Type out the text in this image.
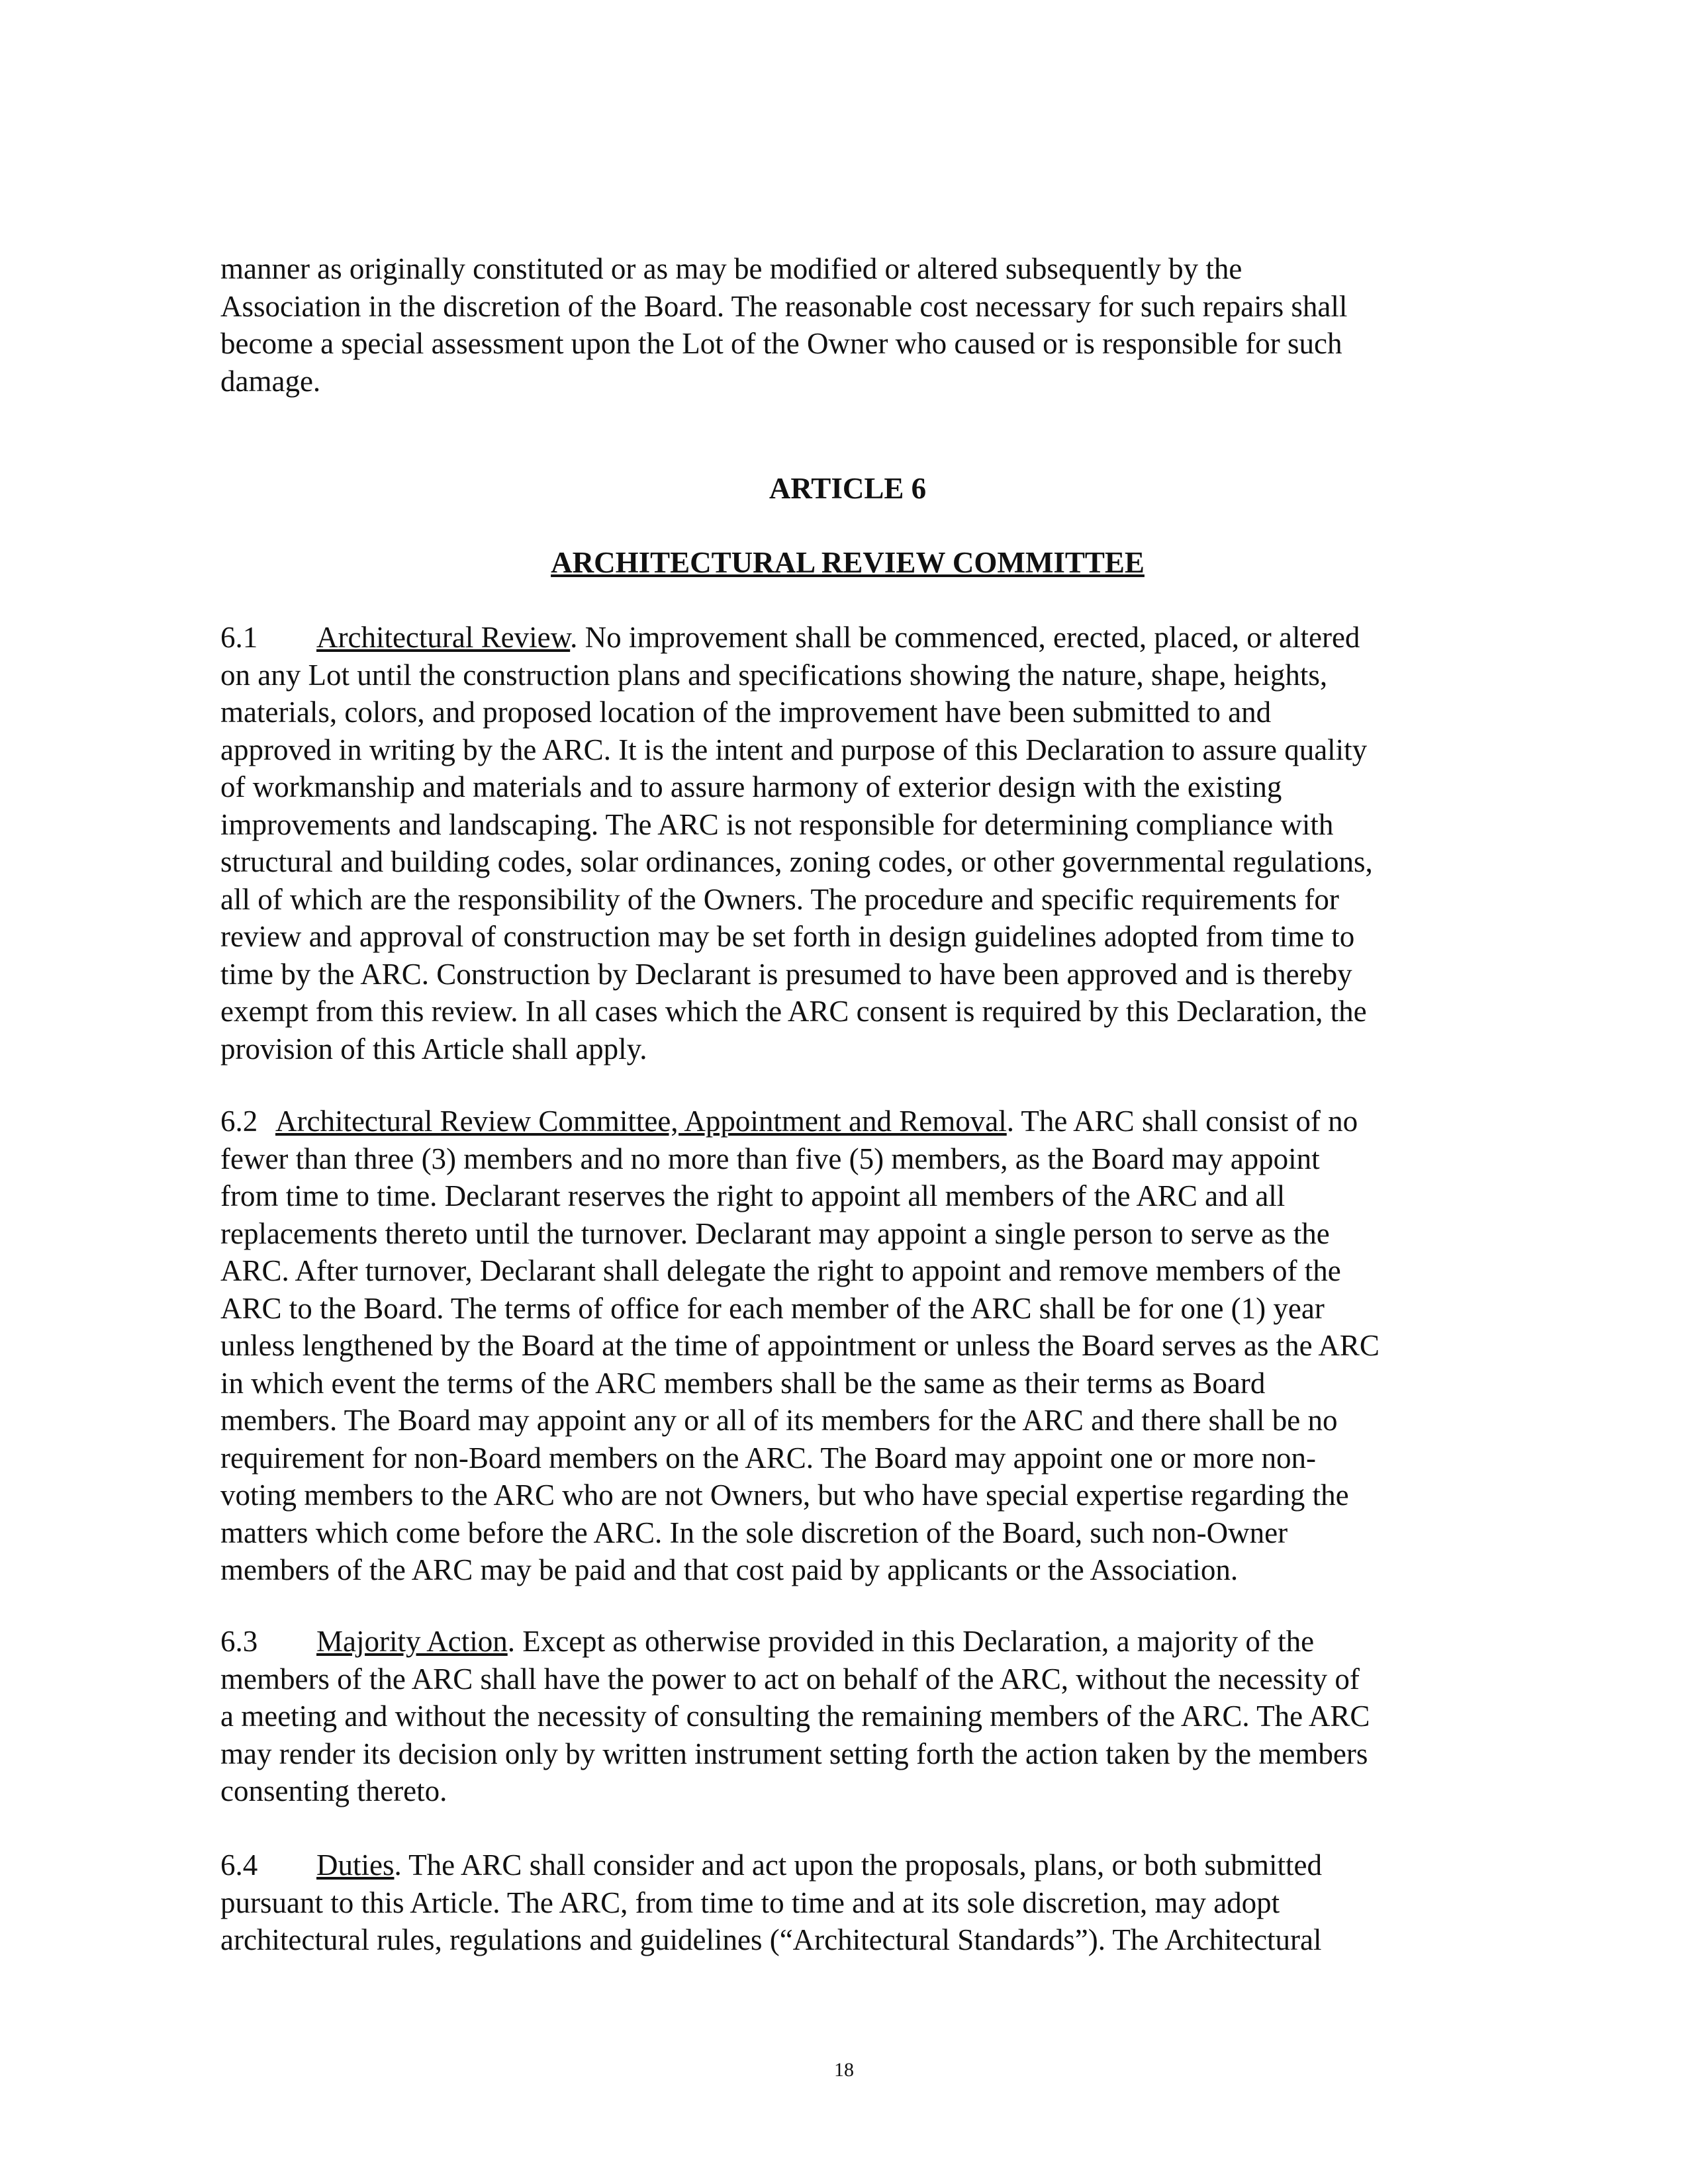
manner as originally constituted or as may be modified or altered subsequently by the
Association in the discretion of the Board. The reasonable cost necessary for such repairs shall
become a special assessment upon the Lot of the Owner who caused or is responsible for such
damage.
ARTICLE 6
ARCHITECTURAL REVIEW COMMITTEE
6.1 Architectural Review. No improvement shall be commenced, erected, placed, or altered
on any Lot until the construction plans and specifications showing the nature, shape, heights,
materials, colors, and proposed location of the improvement have been submitted to and
approved in writing by the ARC. It is the intent and purpose of this Declaration to assure quality
of workmanship and materials and to assure harmony of exterior design with the existing
improvements and landscaping. The ARC is not responsible for determining compliance with
structural and building codes, solar ordinances, zoning codes, or other governmental regulations,
all of which are the responsibility of the Owners. The procedure and specific requirements for
review and approval of construction may be set forth in design guidelines adopted from time to
time by the ARC. Construction by Declarant is presumed to have been approved and is thereby
exempt from this review. In all cases which the ARC consent is required by this Declaration, the
provision of this Article shall apply.
6.2 Architectural Review Committee, Appointment and Removal. The ARC shall consist of no
fewer than three (3) members and no more than five (5) members, as the Board may appoint
from time to time. Declarant reserves the right to appoint all members of the ARC and all
replacements thereto until the turnover. Declarant may appoint a single person to serve as the
ARC. After turnover, Declarant shall delegate the right to appoint and remove members of the
ARC to the Board. The terms of office for each member of the ARC shall be for one (1) year
unless lengthened by the Board at the time of appointment or unless the Board serves as the ARC
in which event the terms of the ARC members shall be the same as their terms as Board
members. The Board may appoint any or all of its members for the ARC and there shall be no
requirement for non-Board members on the ARC. The Board may appoint one or more non-
voting members to the ARC who are not Owners, but who have special expertise regarding the
matters which come before the ARC. In the sole discretion of the Board, such non-Owner
members of the ARC may be paid and that cost paid by applicants or the Association.
6.3 Majority Action. Except as otherwise provided in this Declaration, a majority of the
members of the ARC shall have the power to act on behalf of the ARC, without the necessity of
a meeting and without the necessity of consulting the remaining members of the ARC. The ARC
may render its decision only by written instrument setting forth the action taken by the members
consenting thereto.
6.4 Duties. The ARC shall consider and act upon the proposals, plans, or both submitted
pursuant to this Article. The ARC, from time to time and at its sole discretion, may adopt
architectural rules, regulations and guidelines (“Architectural Standards”). The Architectural
18
